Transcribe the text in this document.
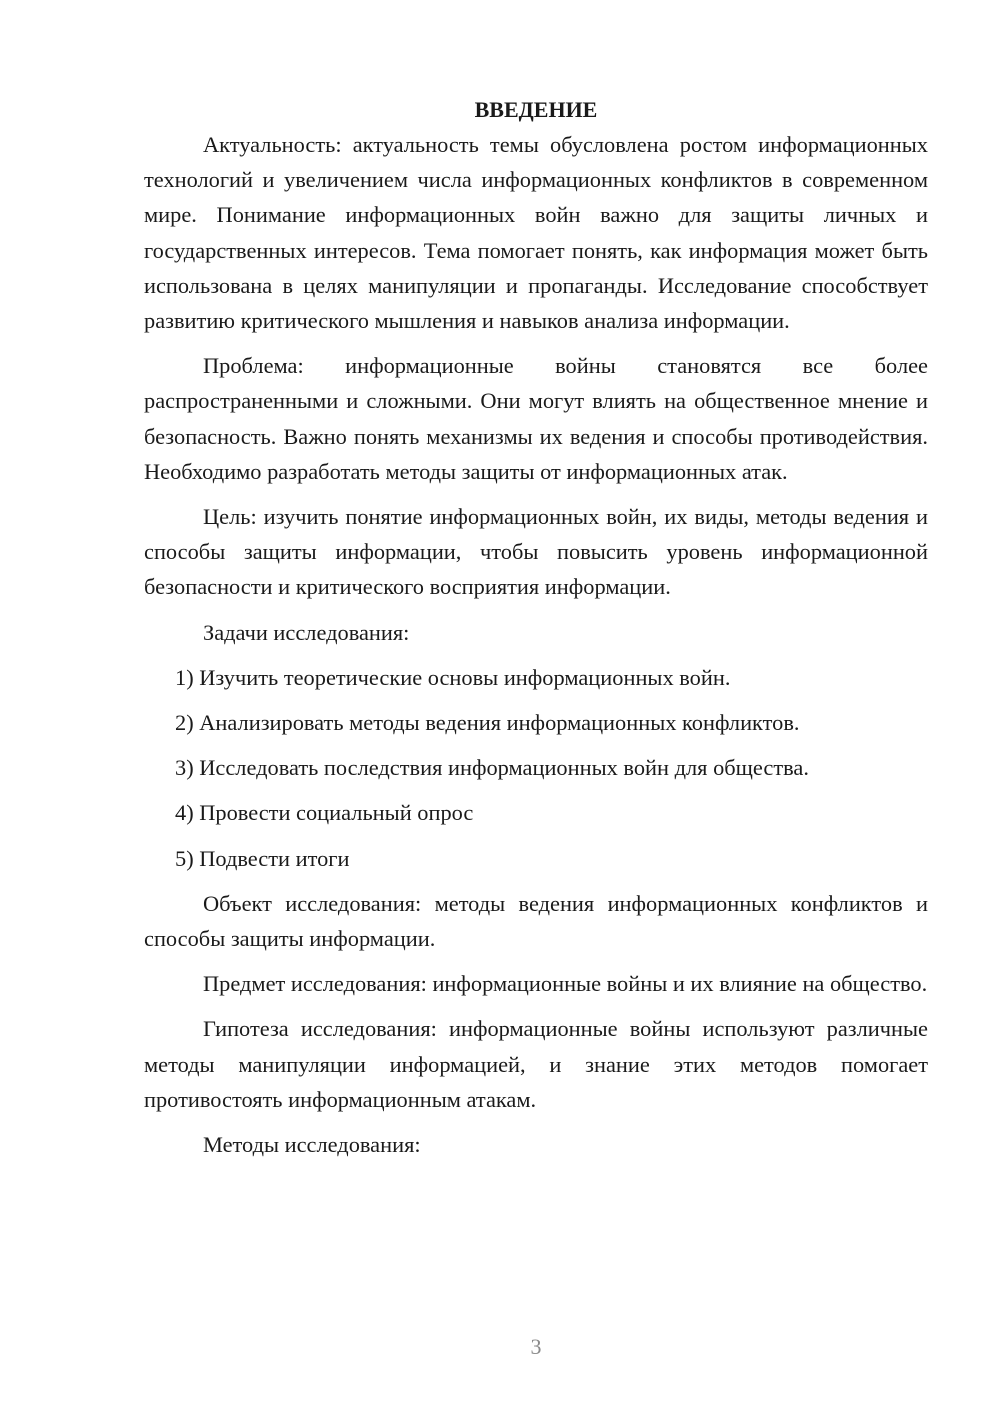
ВВЕДЕНИЕ

Актуальность: актуальность темы обусловлена ростом информационных технологий и увеличением числа информационных конфликтов в современном мире. Понимание информационных войн важно для защиты личных и государственных интересов. Тема помогает понять, как информация может быть использована в целях манипуляции и пропаганды. Исследование способствует развитию критического мышления и навыков анализа информации.

Проблема: информационные войны становятся все более распространенными и сложными. Они могут влиять на общественное мнение и безопасность. Важно понять механизмы их ведения и способы противодействия. Необходимо разработать методы защиты от информационных атак.

Цель: изучить понятие информационных войн, их виды, методы ведения и способы защиты информации, чтобы повысить уровень информационной безопасности и критического восприятия информации.

Задачи исследования:

1) Изучить теоретические основы информационных войн.
2) Анализировать методы ведения информационных конфликтов.
3) Исследовать последствия информационных войн для общества.
4) Провести социальный опрос
5) Подвести итоги

Объект исследования: методы ведения информационных конфликтов и способы защиты информации.

Предмет исследования: информационные войны и их влияние на общество.

Гипотеза исследования: информационные войны используют различные методы манипуляции информацией, и знание этих методов помогает противостоять информационным атакам.

Методы исследования:

3
